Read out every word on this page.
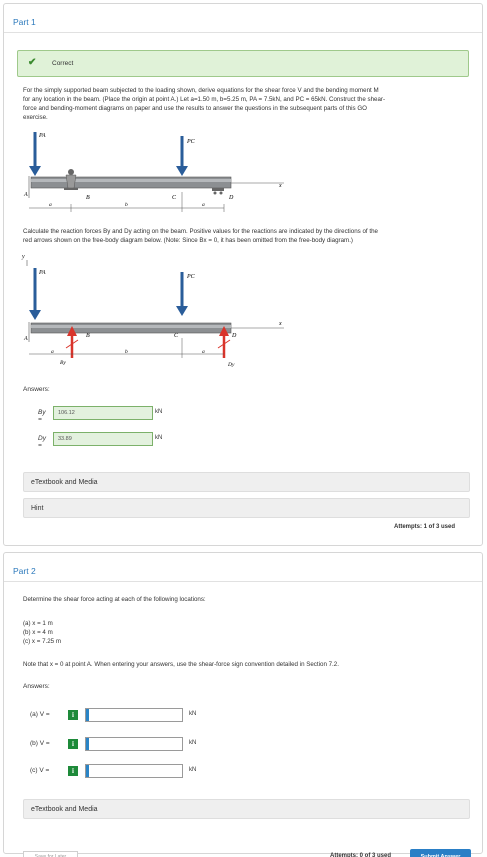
Part 1
✔ Correct
For the simply supported beam subjected to the loading shown, derive equations for the shear force V and the bending moment M
for any location in the beam. (Place the origin at point A.) Let a=1.50 m, b=5.25 m, PA = 7.5kN, and PC = 65kN. Construct the shear-
force and bending-moment diagrams on paper and use the results to answer the questions in the subsequent parts of this GO
exercise.
PA
PC
A	B	C	D
x
a	b	a
Calculate the reaction forces By and Dy acting on the beam. Positive values for the reactions are indicated by the directions of the
red arrows shown on the free-body diagram below. (Note: Since Bx = 0, it has been omitted from the free-body diagram.)
y
PA
PC
A	B	C	D
x
a	b	a
By	Dy
Answers:
By =
106.12	kN
Dy =
33.89	kN
eTextbook and Media
Hint
Attempts: 1 of 3 used
Part 2
Determine the shear force acting at each of the following locations:
(a) x = 1 m
(b) x = 4 m
(c) x = 7.25 m
Note that x = 0 at point A. When entering your answers, use the shear-force sign convention detailed in Section 7.2.
Answers:
(a) V =	i	kN
(b) V =	i	kN
(c) V =	i	kN
eTextbook and Media
Save for Later	Attempts: 0 of 3 used	Submit Answer
